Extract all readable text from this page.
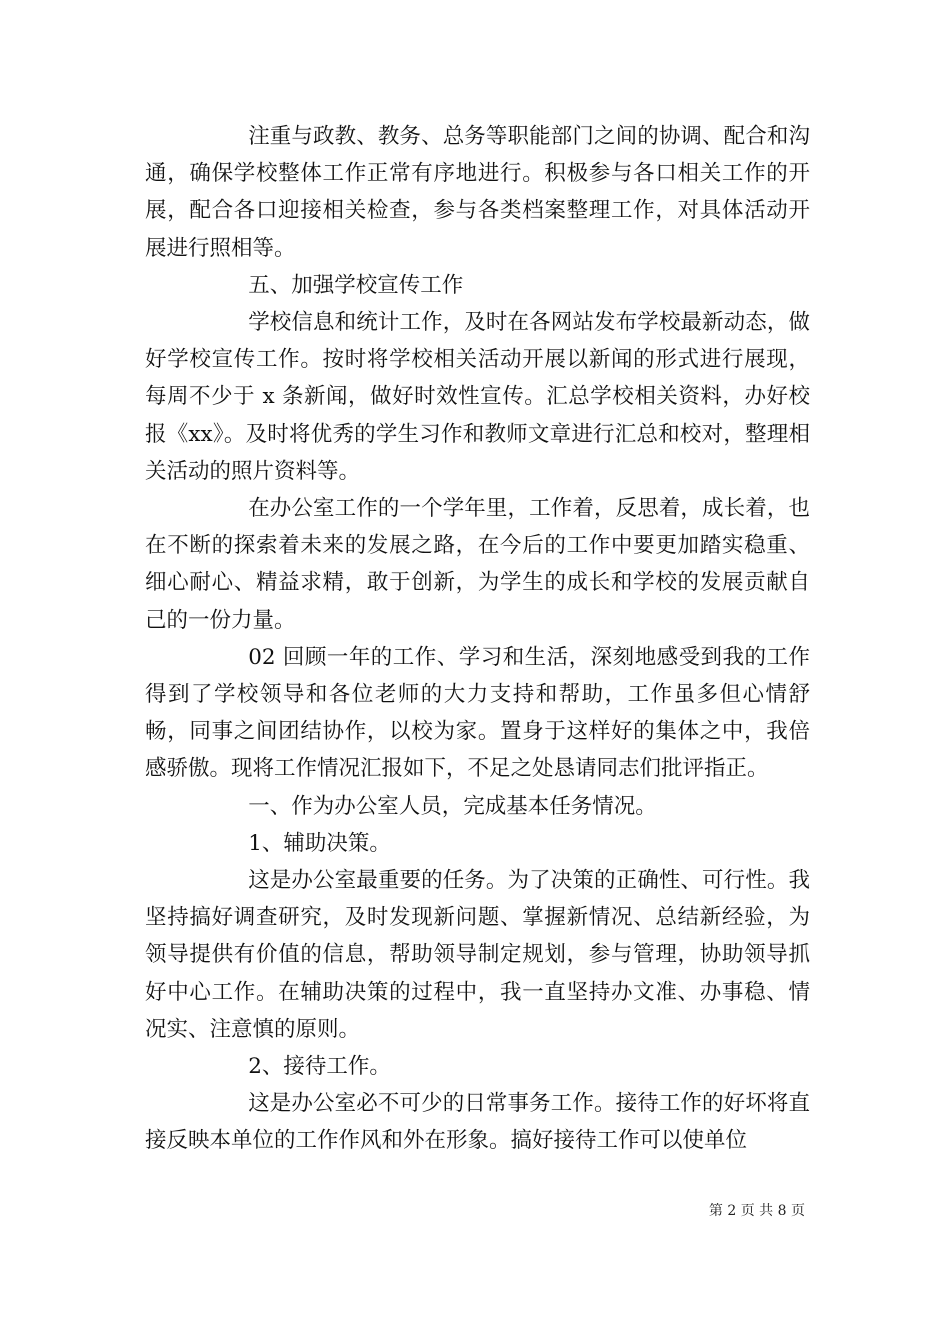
注重与政教、教务、总务等职能部门之间的协调、配合和沟通，确保学校整体工作正常有序地进行。积极参与各口相关工作的开展，配合各口迎接相关检查，参与各类档案整理工作，对具体活动开展进行照相等。

五、加强学校宣传工作

学校信息和统计工作，及时在各网站发布学校最新动态，做好学校宣传工作。按时将学校相关活动开展以新闻的形式进行展现，每周不少于 x 条新闻，做好时效性宣传。汇总学校相关资料，办好校报《xx》。及时将优秀的学生习作和教师文章进行汇总和校对，整理相关活动的照片资料等。

在办公室工作的一个学年里，工作着，反思着，成长着，也在不断的探索着未来的发展之路，在今后的工作中要更加踏实稳重、细心耐心、精益求精，敢于创新，为学生的成长和学校的发展贡献自己的一份力量。

02 回顾一年的工作、学习和生活，深刻地感受到我的工作得到了学校领导和各位老师的大力支持和帮助，工作虽多但心情舒畅，同事之间团结协作，以校为家。置身于这样好的集体之中，我倍感骄傲。现将工作情况汇报如下，不足之处恳请同志们批评指正。

一、作为办公室人员，完成基本任务情况。

1、辅助决策。

这是办公室最重要的任务。为了决策的正确性、可行性。我坚持搞好调查研究，及时发现新问题、掌握新情况、总结新经验，为领导提供有价值的信息，帮助领导制定规划，参与管理，协助领导抓好中心工作。在辅助决策的过程中，我一直坚持办文准、办事稳、情况实、注意慎的原则。

2、接待工作。

这是办公室必不可少的日常事务工作。接待工作的好坏将直接反映本单位的工作作风和外在形象。搞好接待工作可以使单位

第 2 页 共 8 页
